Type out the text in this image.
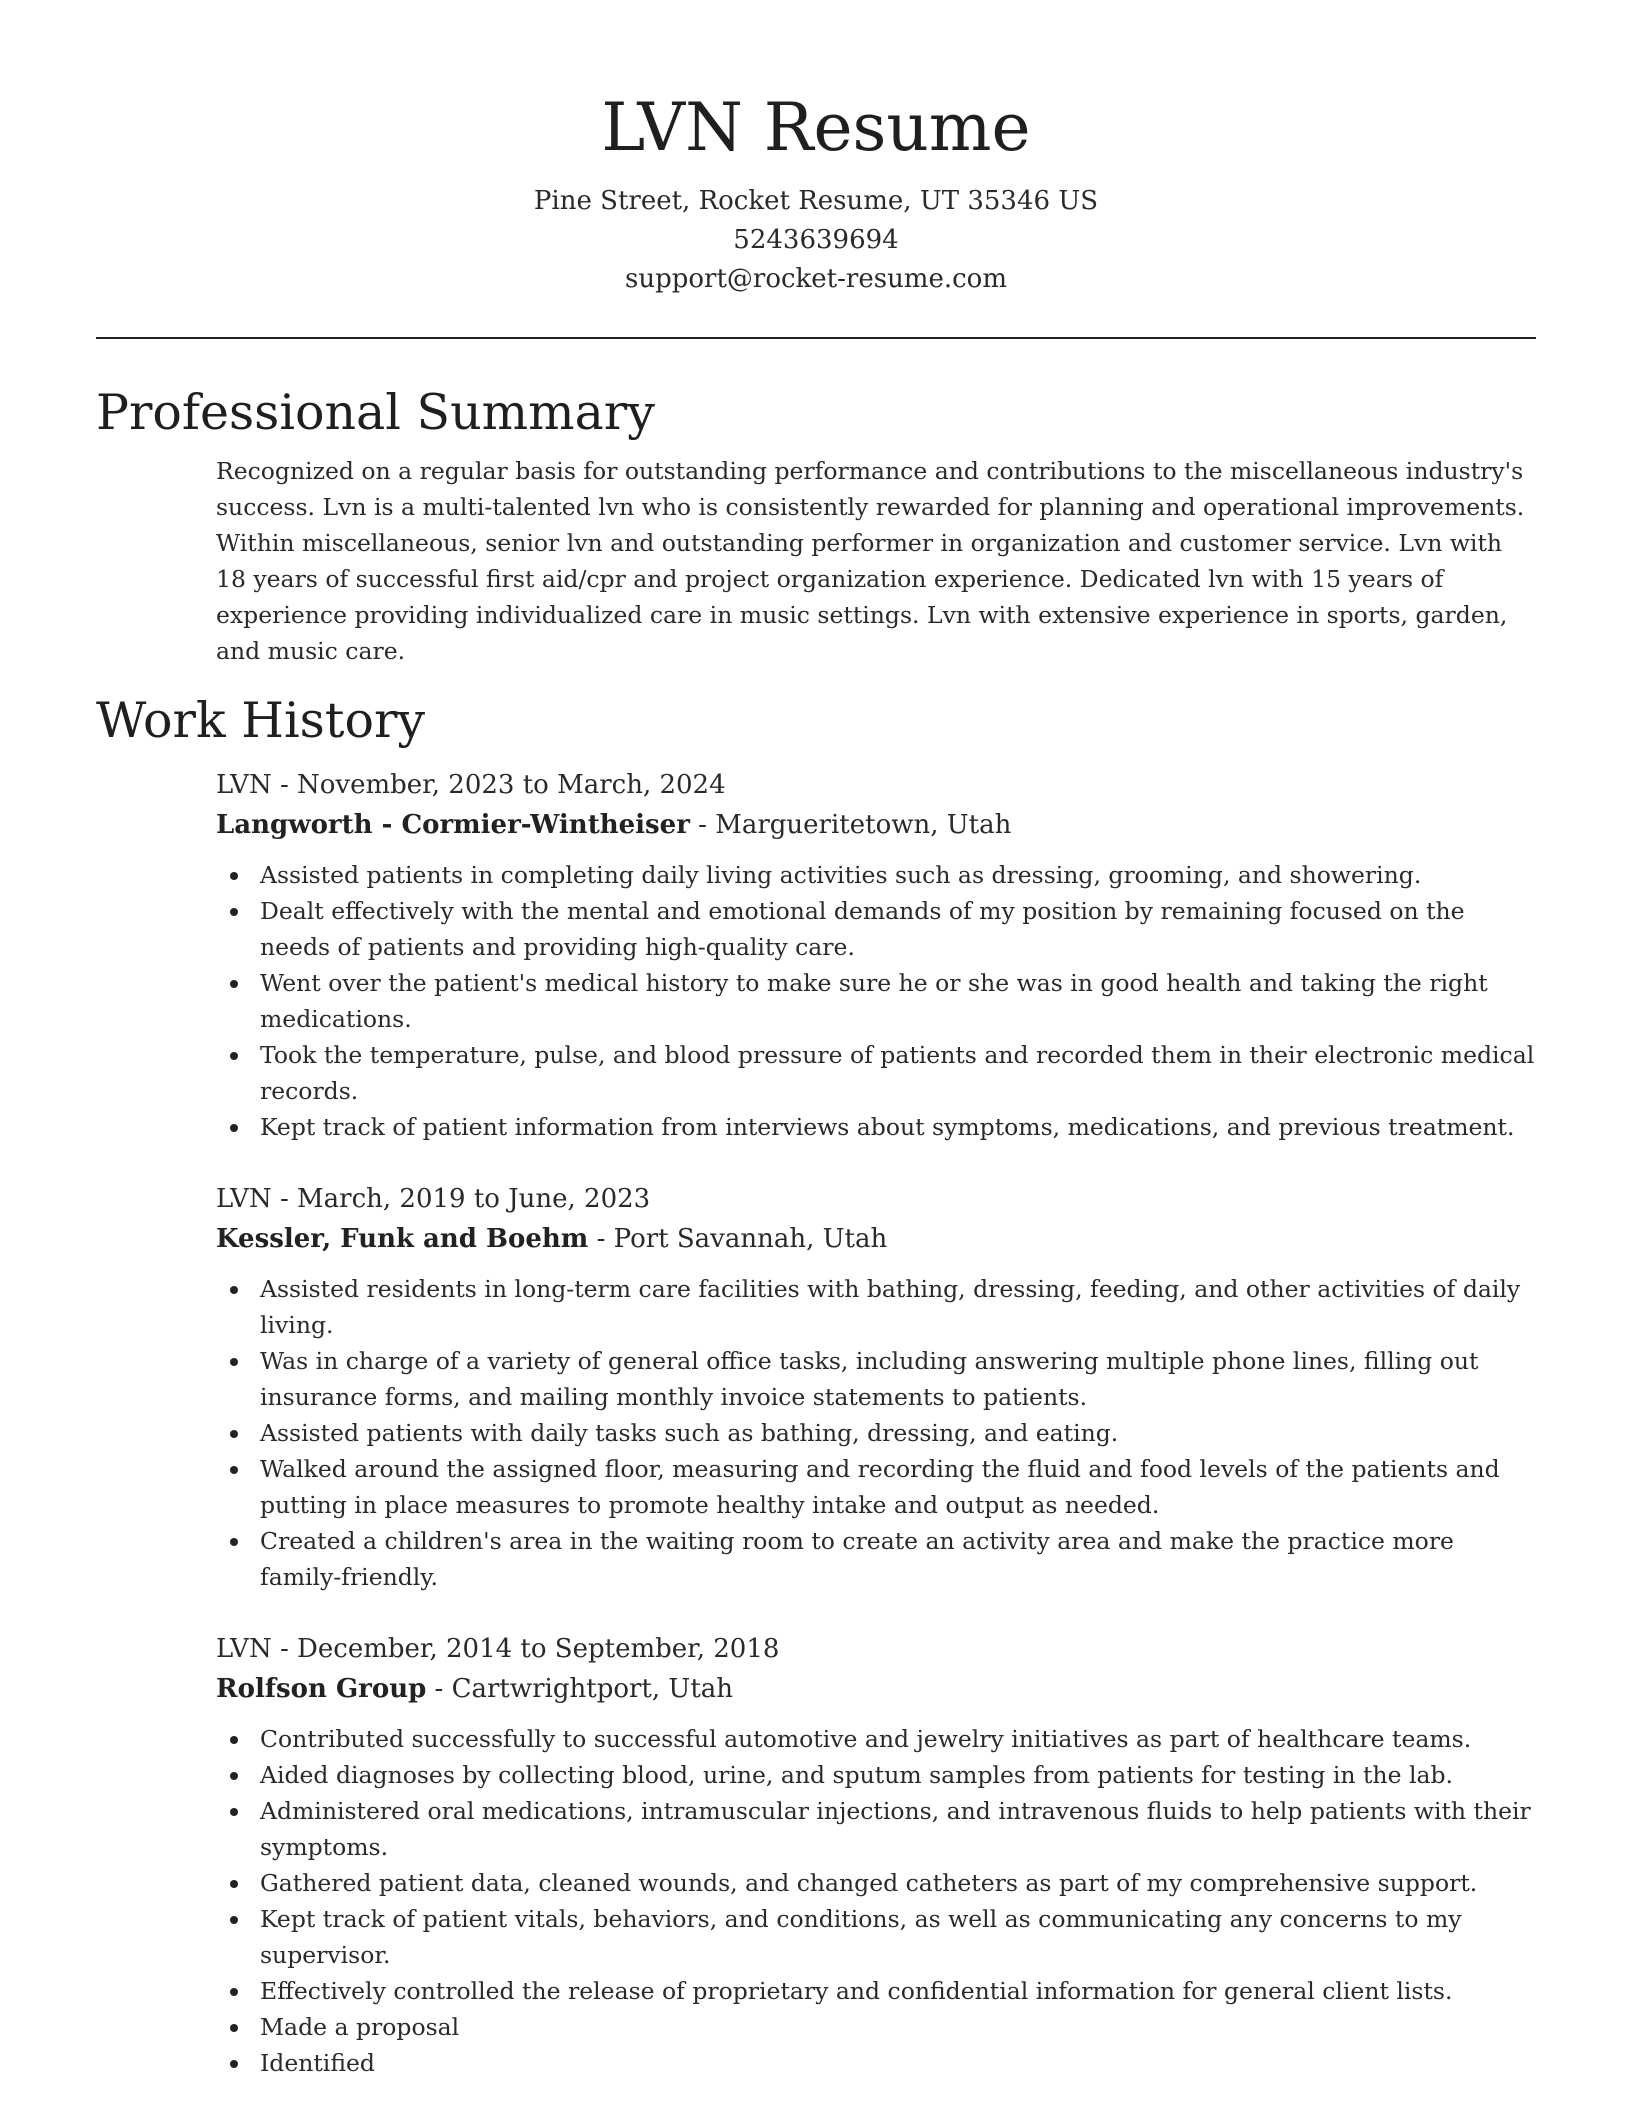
LVN Resume
Pine Street, Rocket Resume, UT 35346 US
5243639694
support@rocket-resume.com
Professional Summary

Recognized on a regular basis for outstanding performance and contributions to the miscellaneous industry's success. Lvn is a multi-talented lvn who is consistently rewarded for planning and operational improvements. Within miscellaneous, senior lvn and outstanding performer in organization and customer service. Lvn with 18 years of successful first aid/cpr and project organization experience. Dedicated lvn with 15 years of experience providing individualized care in music settings. Lvn with extensive experience in sports, garden, and music care.

Work History
LVN - November, 2023 to March, 2024
Langworth - Cormier-Wintheiser - Margueritetown, Utah
Assisted patients in completing daily living activities such as dressing, grooming, and showering.
Dealt effectively with the mental and emotional demands of my position by remaining focused on the needs of patients and providing high-quality care.
Went over the patient's medical history to make sure he or she was in good health and taking the right medications.
Took the temperature, pulse, and blood pressure of patients and recorded them in their electronic medical records.
Kept track of patient information from interviews about symptoms, medications, and previous treatment.
LVN - March, 2019 to June, 2023
Kessler, Funk and Boehm - Port Savannah, Utah
Assisted residents in long-term care facilities with bathing, dressing, feeding, and other activities of daily living.
Was in charge of a variety of general office tasks, including answering multiple phone lines, filling out insurance forms, and mailing monthly invoice statements to patients.
Assisted patients with daily tasks such as bathing, dressing, and eating.
Walked around the assigned floor, measuring and recording the fluid and food levels of the patients and putting in place measures to promote healthy intake and output as needed.
Created a children's area in the waiting room to create an activity area and make the practice more family-friendly.
LVN - December, 2014 to September, 2018
Rolfson Group - Cartwrightport, Utah
Contributed successfully to successful automotive and jewelry initiatives as part of healthcare teams.
Aided diagnoses by collecting blood, urine, and sputum samples from patients for testing in the lab.
Administered oral medications, intramuscular injections, and intravenous fluids to help patients with their symptoms.
Gathered patient data, cleaned wounds, and changed catheters as part of my comprehensive support.
Kept track of patient vitals, behaviors, and conditions, as well as communicating any concerns to my supervisor.
Effectively controlled the release of proprietary and confidential information for general client lists.
Made a proposal
Identified
